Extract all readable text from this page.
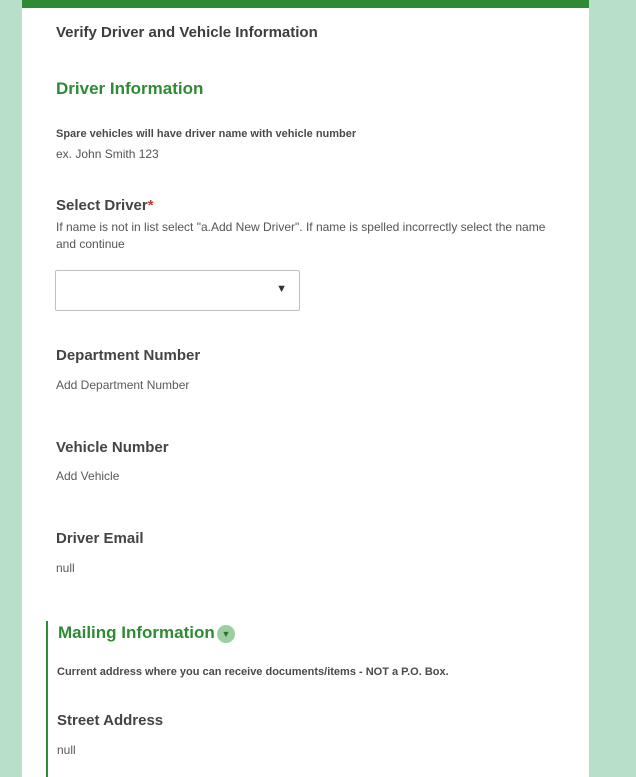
Verify Driver and Vehicle Information

Driver Information

Spare vehicles will have driver name with vehicle number

ex. John Smith 123

Select Driver*

If name is not in list select "a.Add New Driver". If name is spelled incorrectly select the name and continue

▼

Department Number

Add Department Number

Vehicle Number

Add Vehicle

Driver Email

null

Mailing Information ▼

Current address where you can receive documents/items - NOT a P.O. Box.

Street Address

null
